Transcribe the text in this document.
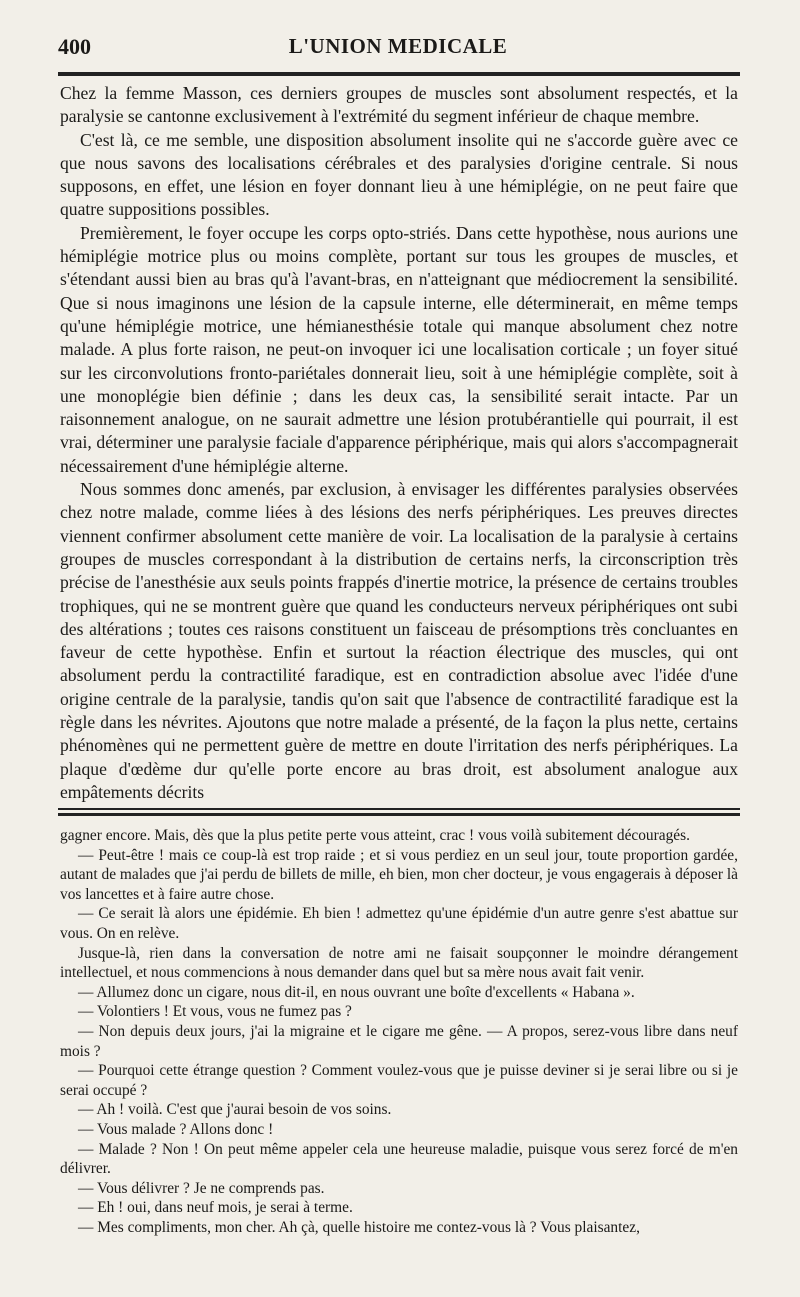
400	L'UNION MEDICALE

Chez la femme Masson, ces derniers groupes de muscles sont absolument respectés, et la paralysie se cantonne exclusivement à l'extrémité du segment inférieur de chaque membre.

C'est là, ce me semble, une disposition absolument insolite qui ne s'accorde guère avec ce que nous savons des localisations cérébrales et des paralysies d'origine centrale. Si nous supposons, en effet, une lésion en foyer donnant lieu à une hémiplégie, on ne peut faire que quatre suppositions possibles.

Premièrement, le foyer occupe les corps opto-striés. Dans cette hypothèse, nous aurions une hémiplégie motrice plus ou moins complète, portant sur tous les groupes de muscles, et s'étendant aussi bien au bras qu'à l'avant-bras, en n'atteignant que médiocrement la sensibilité. Que si nous imaginons une lésion de la capsule interne, elle déterminerait, en même temps qu'une hémiplégie motrice, une hémianesthésie totale qui manque absolument chez notre malade. A plus forte raison, ne peut-on invoquer ici une localisation corticale ; un foyer situé sur les circonvolutions fronto-pariétales donnerait lieu, soit à une hémiplégie complète, soit à une monoplégie bien définie ; dans les deux cas, la sensibilité serait intacte. Par un raisonnement analogue, on ne saurait admettre une lésion protubérantielle qui pourrait, il est vrai, déterminer une paralysie faciale d'apparence périphérique, mais qui alors s'accompagnerait nécessairement d'une hémiplégie alterne.

Nous sommes donc amenés, par exclusion, à envisager les différentes paralysies observées chez notre malade, comme liées à des lésions des nerfs périphériques. Les preuves directes viennent confirmer absolument cette manière de voir. La localisation de la paralysie à certains groupes de muscles correspondant à la distribution de certains nerfs, la circonscription très précise de l'anesthésie aux seuls points frappés d'inertie motrice, la présence de certains troubles trophiques, qui ne se montrent guère que quand les conducteurs nerveux périphériques ont subi des altérations ; toutes ces raisons constituent un faisceau de présomptions très concluantes en faveur de cette hypothèse. Enfin et surtout la réaction électrique des muscles, qui ont absolument perdu la contractilité faradique, est en contradiction absolue avec l'idée d'une origine centrale de la paralysie, tandis qu'on sait que l'absence de contractilité faradique est la règle dans les névrites. Ajoutons que notre malade a présenté, de la façon la plus nette, certains phénomènes qui ne permettent guère de mettre en doute l'irritation des nerfs périphériques. La plaque d'œdème dur qu'elle porte encore au bras droit, est absolument analogue aux empâtements décrits

gagner encore. Mais, dès que la plus petite perte vous atteint, crac ! vous voilà subitement découragés.

— Peut-être ! mais ce coup-là est trop raide ; et si vous perdiez en un seul jour, toute proportion gardée, autant de malades que j'ai perdu de billets de mille, eh bien, mon cher docteur, je vous engagerais à déposer là vos lancettes et à faire autre chose.

— Ce serait là alors une épidémie. Eh bien ! admettez qu'une épidémie d'un autre genre s'est abattue sur vous. On en relève.

Jusque-là, rien dans la conversation de notre ami ne faisait soupçonner le moindre dérangement intellectuel, et nous commencions à nous demander dans quel but sa mère nous avait fait venir.

— Allumez donc un cigare, nous dit-il, en nous ouvrant une boîte d'excellents « Habana ».

— Volontiers ! Et vous, vous ne fumez pas ?

— Non depuis deux jours, j'ai la migraine et le cigare me gêne. — A propos, serez-vous libre dans neuf mois ?

— Pourquoi cette étrange question ? Comment voulez-vous que je puisse deviner si je serai libre ou si je serai occupé ?

— Ah ! voilà. C'est que j'aurai besoin de vos soins.

— Vous malade ? Allons donc !

— Malade ? Non ! On peut même appeler cela une heureuse maladie, puisque vous serez forcé de m'en délivrer.

— Vous délivrer ? Je ne comprends pas.

— Eh ! oui, dans neuf mois, je serai à terme.

— Mes compliments, mon cher. Ah çà, quelle histoire me contez-vous là ? Vous plaisantez,
